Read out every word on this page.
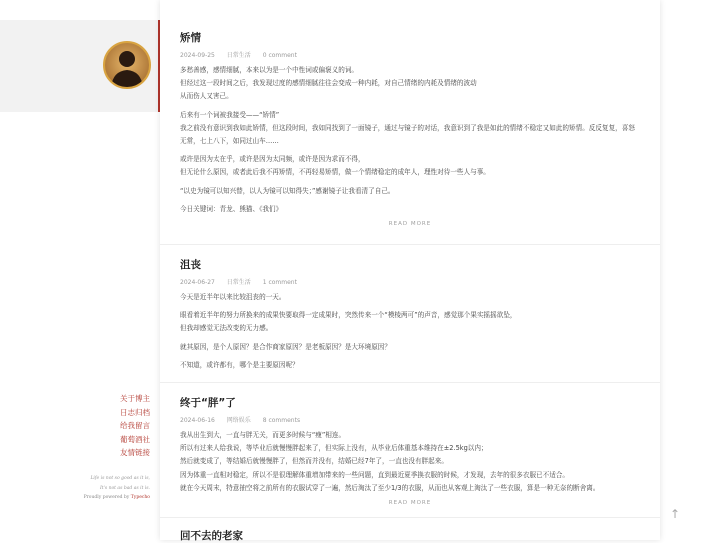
关于博主
日志归档
给我留言
葡萄酒社
友情链接
Life is not so good as it is,
It's not as bad as it is.
Proudly powered by Typecho
矫情
2024-09-25 日常生活 0 comment

多愁善感，感情细腻，本来以为是一个中性词或偏褒义的词。
但经过这一段时间之后，我发现过度的感情细腻往往会变成一种内耗，对自己情绪的内耗及情绪的波动
从而伤人又害己。

后来有一个词被我接受——“矫情”
我之前没有意识到我如此矫情，但这段时间，我如同找到了一面镜子，通过与镜子的对话，我意识到了我是如此的情绪不稳定又如此的矫情。反反复复，喜怒无常，七上八下，如同过山车……

或许是因为太在乎，或许是因为太同频，或许是因为求而不得，
但无论什么原因，或者此后我不再矫情，不再轻易矫情，做一个情绪稳定的成年人，理性对待一些人与事。

“以史为镜可以知兴替，以人为镜可以知得失；”感谢镜子让我看清了自己。

今日关键词：青龙、熊猫、《我们》

READ MORE
沮丧
2024-06-27 日常生活 1 comment

今天是近半年以来比较沮丧的一天。

眼看着近半年的努力所换来的成果快要取得一定成果时，突然传来一个“模棱两可”的声音，感觉那个果实摇摇欲坠，
但我却感觉无法改变的无力感。

就其原因，是个人原因？是合作商家原因？是老板原因？是大环境原因？

不知道，或许都有，哪个是主要原因呢？

终于“胖”了
2024-06-16 网络娱乐 8 comments

我从出生到大，一直与胖无关，而更多时候与“瘦”相连。
所以有过来人给我说，等毕业后就慢慢胖起来了，但实际上没有，从毕业后体重基本维持在±2.5kg以内；
然后就变成了，等结婚后就慢慢胖了，但然而并没有，结婚已经7年了，一直也没有胖起来。
因为体重一直相对稳定，所以不是很理解体重增加带来的一些问题，直到最近夏季换衣服的时候，才发现，去年的很多衣服已不适合。
就在今天周末，特意抽空将之前所有的衣服试穿了一遍，然后淘汰了至少1/3的衣服，从而也从客观上淘汰了一些衣服，算是一种无奈的断舍离。

READ MORE
回不去的老家
↑
